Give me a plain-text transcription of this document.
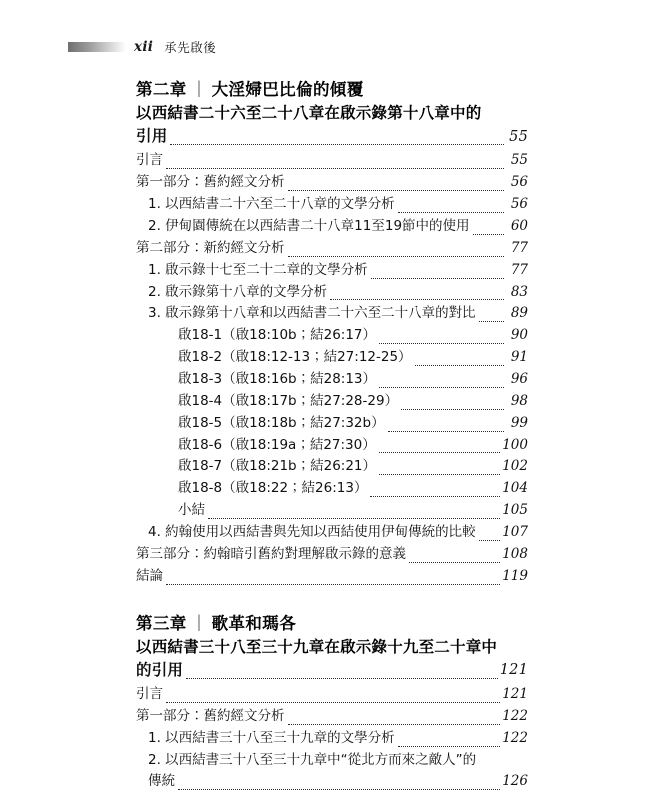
xii 承先啟後
第二章 ｜ 大淫婦巴比倫的傾覆
以西結書二十六至二十八章在啟示錄第十八章中的
引用	55
引言	55
第一部分：舊約經文分析	56
1. 以西結書二十六至二十八章的文學分析	56
2. 伊甸園傳統在以西結書二十八章11至19節中的使用	60
第二部分：新約經文分析	77
1. 啟示錄十七至二十二章的文學分析	77
2. 啟示錄第十八章的文學分析	83
3. 啟示錄第十八章和以西結書二十六至二十八章的對比	89
啟18-1（啟18:10b；結26:17）	90
啟18-2（啟18:12-13；結27:12-25）	91
啟18-3（啟18:16b；結28:13）	96
啟18-4（啟18:17b；結27:28-29）	98
啟18-5（啟18:18b；結27:32b）	99
啟18-6（啟18:19a；結27:30）	100
啟18-7（啟18:21b；結26:21）	102
啟18-8（啟18:22；結26:13）	104
小結	105
4. 約翰使用以西結書與先知以西結使用伊甸傳統的比較 107
第三部分：約翰暗引舊約對理解啟示錄的意義	108
結論	119
第三章 ｜ 歌革和瑪各
以西結書三十八至三十九章在啟示錄十九至二十章中
的引用	121
引言	121
第一部分：舊約經文分析	122
1. 以西結書三十八至三十九章的文學分析	122
2. 以西結書三十八至三十九章中“從北方而來之敵人”的
傳統	126
